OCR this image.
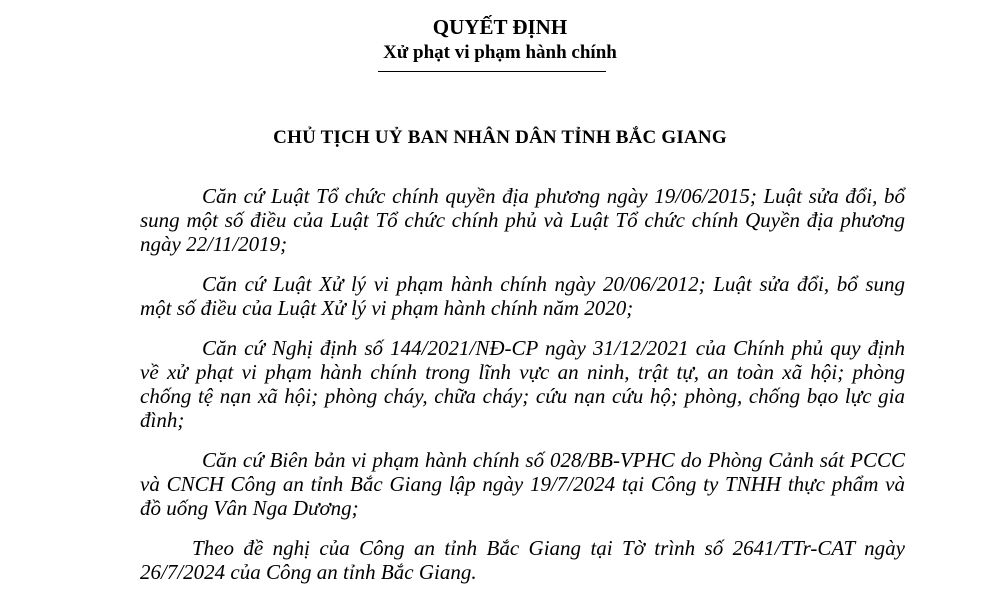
QUYẾT ĐỊNH
Xử phạt vi phạm hành chính
CHỦ TỊCH UỶ BAN NHÂN DÂN TỈNH BẮC GIANG

Căn cứ Luật Tổ chức chính quyền địa phương ngày 19/06/2015; Luật sửa đổi, bổ sung một số điều của Luật Tổ chức chính phủ và Luật Tổ chức chính Quyền địa phương ngày 22/11/2019;

Căn cứ Luật Xử lý vi phạm hành chính ngày 20/06/2012; Luật sửa đổi, bổ sung một số điều của Luật Xử lý vi phạm hành chính năm 2020;

Căn cứ Nghị định số 144/2021/NĐ-CP ngày 31/12/2021 của Chính phủ quy định về xử phạt vi phạm hành chính trong lĩnh vực an ninh, trật tự, an toàn xã hội; phòng chống tệ nạn xã hội; phòng cháy, chữa cháy; cứu nạn cứu hộ; phòng, chống bạo lực gia đình;

Căn cứ Biên bản vi phạm hành chính số 028/BB-VPHC do Phòng Cảnh sát PCCC và CNCH Công an tỉnh Bắc Giang lập ngày 19/7/2024 tại Công ty TNHH thực phẩm và đồ uống Vân Nga Dương;

Theo đề nghị của Công an tỉnh Bắc Giang tại Tờ trình số 2641/TTr-CAT ngày 26/7/2024 của Công an tỉnh Bắc Giang.
